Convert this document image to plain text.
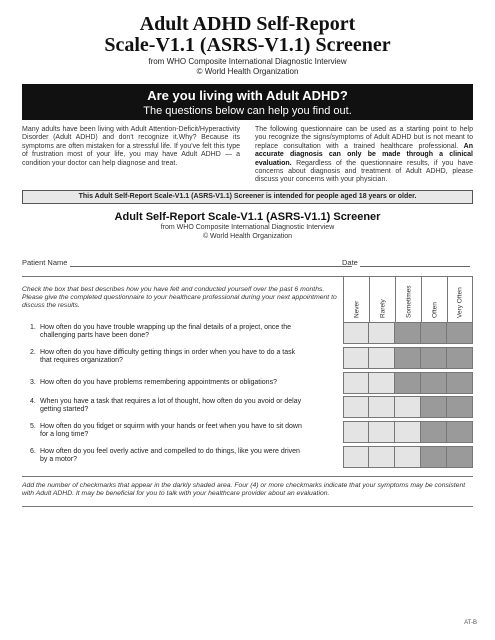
Adult ADHD Self-Report
Scale-V1.1 (ASRS-V1.1) Screener
from WHO Composite International Diagnostic Interview
© World Health Organization
Are you living with Adult ADHD?
The questions below can help you find out.
Many adults have been living with Adult Attention-Deficit/Hyperactivity Disorder (Adult ADHD) and don't recognize it.Why? Because its symptoms are often mistaken for a stressful life. If you've felt this type of frustration most of your life, you may have Adult ADHD — a condition your doctor can help diagnose and treat.
The following questionnaire can be used as a starting point to help you recognize the signs/symptoms of Adult ADHD but is not meant to replace consultation with a trained healthcare professional. An accurate diagnosis can only be made through a clinical evaluation. Regardless of the questionnaire results, if you have concerns about diagnosis and treatment of Adult ADHD, please discuss your concerns with your physician.
This Adult Self-Report Scale-V1.1 (ASRS-V1.1) Screener is intended for people aged 18 years or older.
Adult Self-Report Scale-V1.1 (ASRS-V1.1) Screener
from WHO Composite International Diagnostic Interview
© World Health Organization
Patient Name	Date
Check the box that best describes how you have felt and conducted yourself over the past 6 months. Please give the completed questionnaire to your healthcare professional during your next appointment to discuss the results.	Never	Rarely	Sometimes	Often	Very Often
1. How often do you have trouble wrapping up the final details of a project, once the
challenging parts have been done?
2. How often do you have difficulty getting things in order when you have to do a task
that requires organization?
3. How often do you have problems remembering appointments or obligations?
4. When you have a task that requires a lot of thought, how often do you avoid or delay
getting started?
5. How often do you fidget or squirm with your hands or feet when you have to sit down
for a long time?
6. How often do you feel overly active and compelled to do things, like you were driven
by a motor?
Add the number of checkmarks that appear in the darkly shaded area. Four (4) or more checkmarks indicate that your symptoms may be consistent with Adult ADHD. It may be beneficial for you to talk with your healthcare provider about an evaluation.
AT-B
